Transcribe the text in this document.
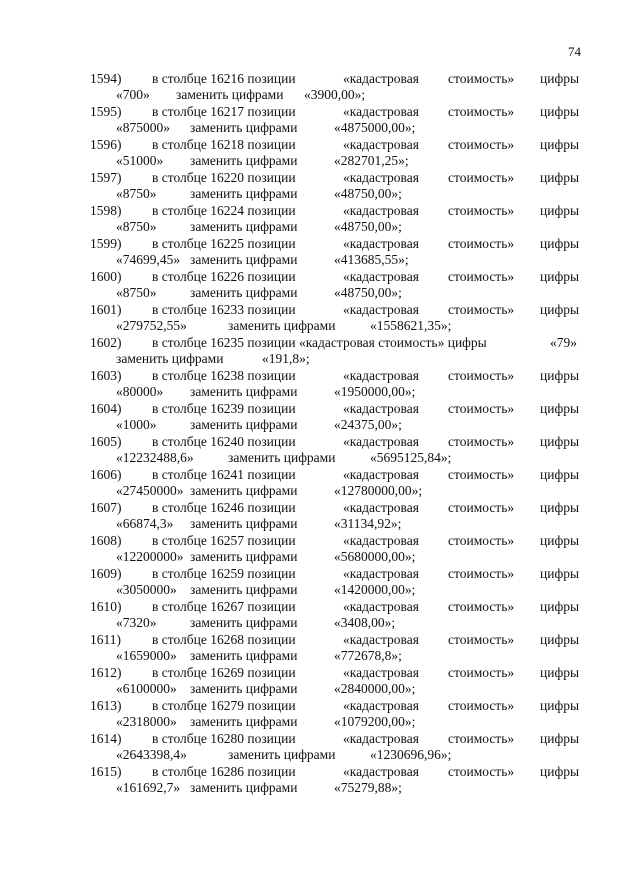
74
1594) в столбце 16216 позиции	«кадастровая стоимость» цифры
«700» заменить цифрами «3900,00»;
1595) в столбце 16217 позиции	«кадастровая стоимость» цифры
«875000» заменить цифрами	«4875000,00»;
1596) в столбце 16218 позиции	«кадастровая стоимость» цифры
«51000» заменить цифрами	«282701,25»;
1597) в столбце 16220 позиции	«кадастровая стоимость» цифры
«8750» заменить цифрами	«48750,00»;
1598) в столбце 16224 позиции	«кадастровая стоимость» цифры
«8750» заменить цифрами	«48750,00»;
1599) в столбце 16225 позиции	«кадастровая стоимость» цифры
«74699,45» заменить цифрами	«413685,55»;
1600) в столбце 16226 позиции	«кадастровая стоимость» цифры
«8750» заменить цифрами	«48750,00»;
1601) в столбце 16233 позиции	«кадастровая стоимость» цифры
«279752,55»	заменить цифрами	«1558621,35»;
1602) в столбце 16235 позиции «кадастровая стоимость» цифры	«79»
заменить цифрами	«191,8»;
1603) в столбце 16238 позиции	«кадастровая стоимость» цифры
«80000» заменить цифрами	«1950000,00»;
1604) в столбце 16239 позиции	«кадастровая стоимость» цифры
«1000» заменить цифрами	«24375,00»;
1605) в столбце 16240 позиции	«кадастровая стоимость» цифры
«12232488,6»	заменить цифрами	«5695125,84»;
1606) в столбце 16241 позиции	«кадастровая стоимость» цифры
«27450000» заменить цифрами	«12780000,00»;
1607) в столбце 16246 позиции	«кадастровая стоимость» цифры
«66874,3» заменить цифрами	«31134,92»;
1608) в столбце 16257 позиции	«кадастровая стоимость» цифры
«12200000» заменить цифрами	«5680000,00»;
1609) в столбце 16259 позиции	«кадастровая стоимость» цифры
«3050000» заменить цифрами	«1420000,00»;
1610) в столбце 16267 позиции	«кадастровая стоимость» цифры
«7320» заменить цифрами	«3408,00»;
1611) в столбце 16268 позиции	«кадастровая стоимость» цифры
«1659000» заменить цифрами	«772678,8»;
1612) в столбце 16269 позиции	«кадастровая стоимость» цифры
«6100000» заменить цифрами	«2840000,00»;
1613) в столбце 16279 позиции	«кадастровая стоимость» цифры
«2318000» заменить цифрами	«1079200,00»;
1614) в столбце 16280 позиции	«кадастровая стоимость» цифры
«2643398,4»	заменить цифрами	«1230696,96»;
1615) в столбце 16286 позиции	«кадастровая стоимость» цифры
«161692,7» заменить цифрами	«75279,88»;
